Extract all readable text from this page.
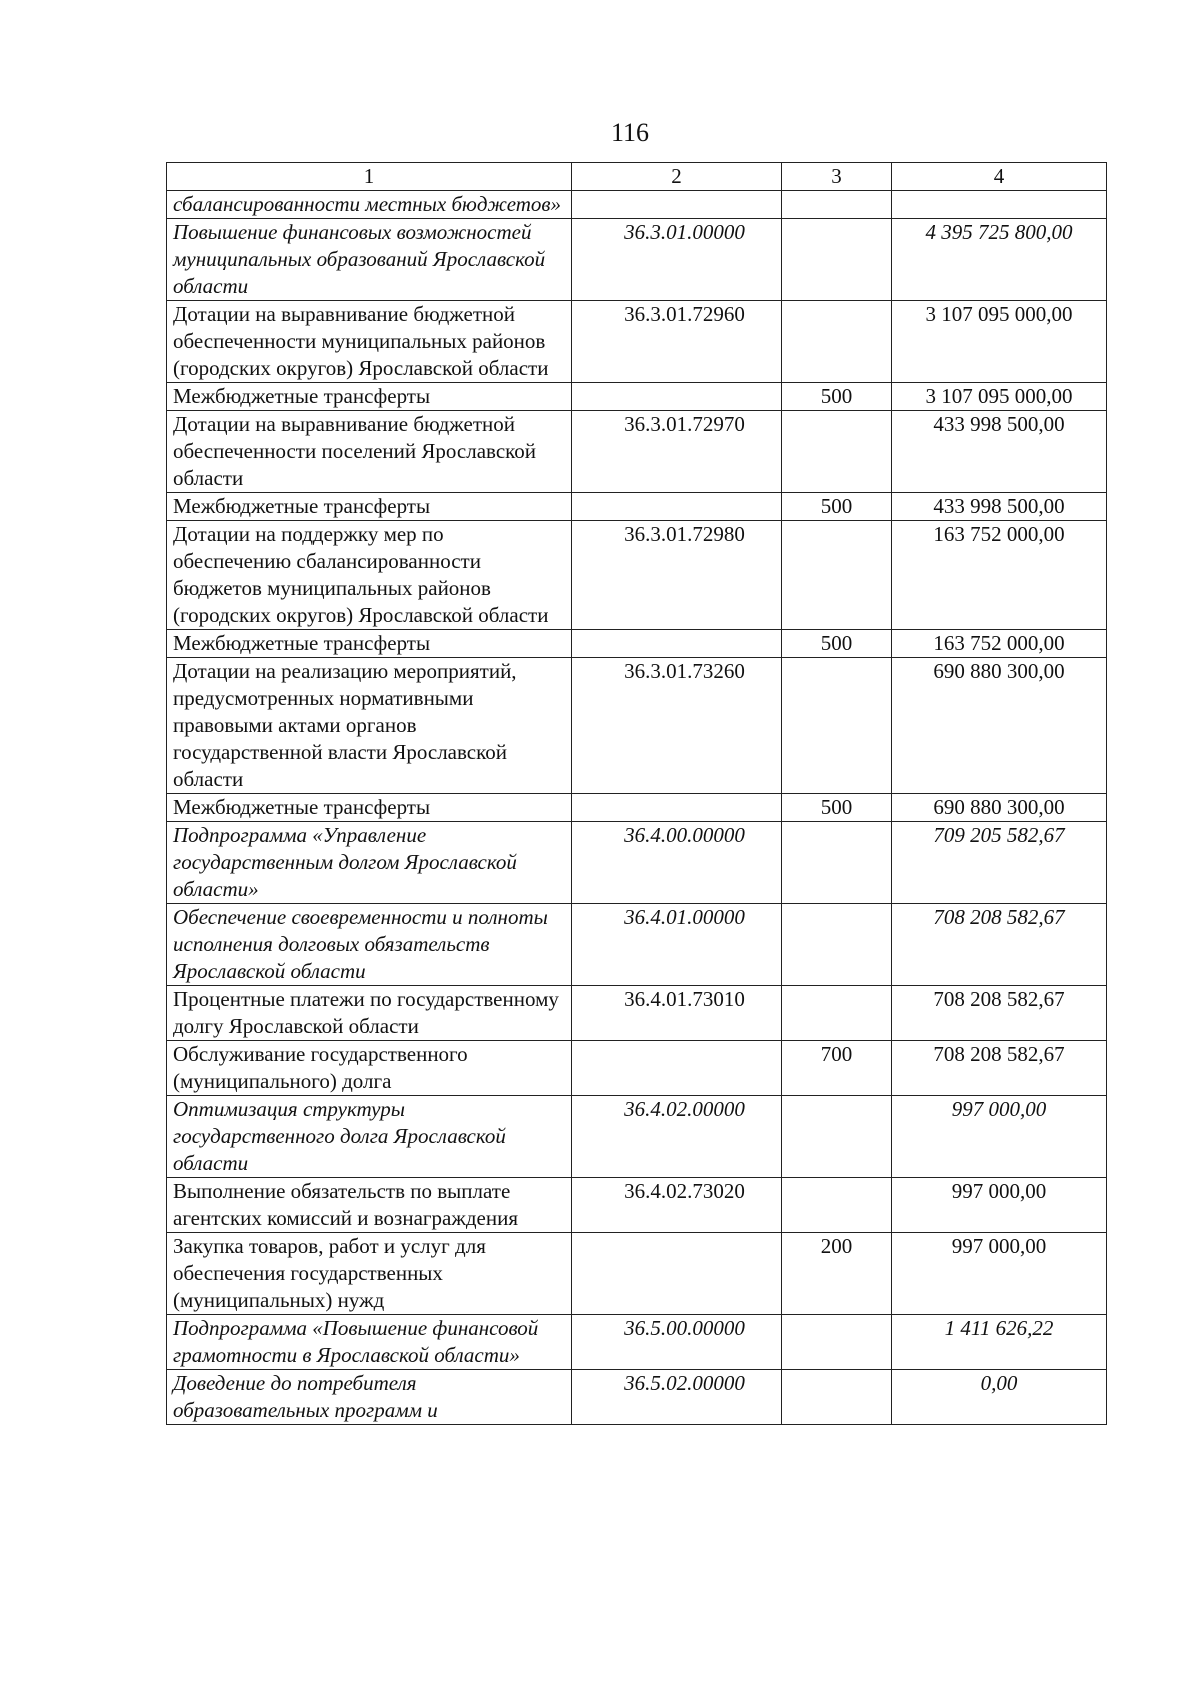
116
1	2	3	4
сбалансированности местных бюджетов»			
Повышение финансовых возможностей муниципальных образований Ярославской области	36.3.01.00000		4 395 725 800,00
Дотации на выравнивание бюджетной обеспеченности муниципальных районов (городских округов) Ярославской области	36.3.01.72960		3 107 095 000,00
Межбюджетные трансферты		500	3 107 095 000,00
Дотации на выравнивание бюджетной обеспеченности поселений Ярославской области	36.3.01.72970		433 998 500,00
Межбюджетные трансферты		500	433 998 500,00
Дотации на поддержку мер по обеспечению сбалансированности бюджетов муниципальных районов (городских округов) Ярославской области	36.3.01.72980		163 752 000,00
Межбюджетные трансферты		500	163 752 000,00
Дотации на реализацию мероприятий, предусмотренных нормативными правовыми актами органов государственной власти Ярославской области	36.3.01.73260		690 880 300,00
Межбюджетные трансферты		500	690 880 300,00
Подпрограмма «Управление государственным долгом Ярославской области»	36.4.00.00000		709 205 582,67
Обеспечение своевременности и полноты исполнения долговых обязательств Ярославской области	36.4.01.00000		708 208 582,67
Процентные платежи по государственному долгу Ярославской области	36.4.01.73010		708 208 582,67
Обслуживание государственного (муниципального) долга		700	708 208 582,67
Оптимизация структуры государственного долга Ярославской области	36.4.02.00000		997 000,00
Выполнение обязательств по выплате агентских комиссий и вознаграждения	36.4.02.73020		997 000,00
Закупка товаров, работ и услуг для обеспечения государственных (муниципальных) нужд		200	997 000,00
Подпрограмма «Повышение финансовой грамотности в Ярославской области»	36.5.00.00000		1 411 626,22
Доведение до потребителя образовательных программ и	36.5.02.00000		0,00
